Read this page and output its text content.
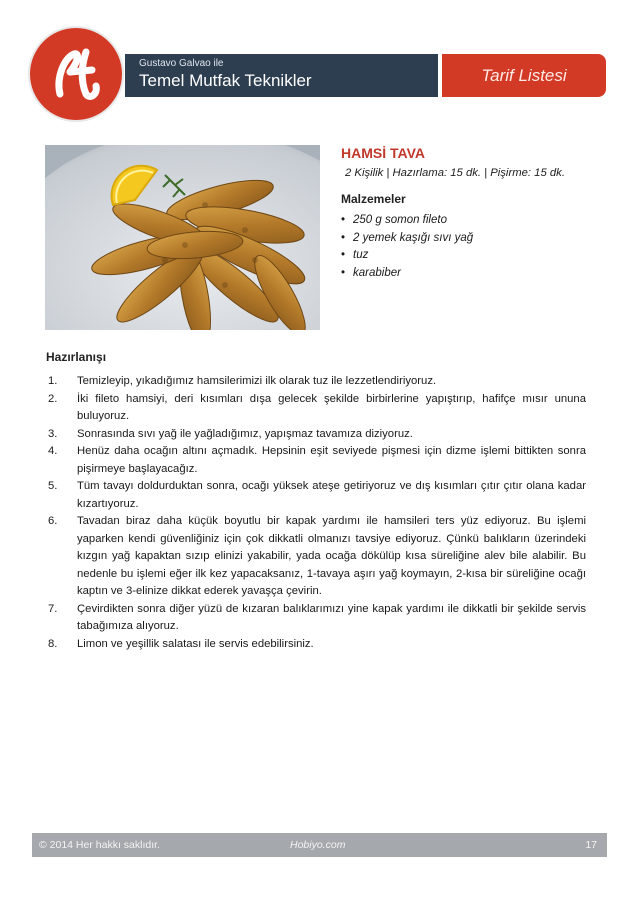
Gustavo Galvao ile
Temel Mutfak Teknikler	Tarif Listesi
HAMSİ TAVA
2 Kişilik | Hazırlama: 15 dk. | Pişirme: 15 dk.
Malzemeler
• 250 g somon fileto
• 2 yemek kaşığı sıvı yağ
• tuz
• karabiber
Hazırlanışı
1. Temizleyip, yıkadığımız hamsilerimizi ilk olarak tuz ile lezzetlendiriyoruz.
2. İki fileto hamsiyi, deri kısımları dışa gelecek şekilde birbirlerine yapıştırıp, hafifçe mısır ununa buluyoruz.
3. Sonrasında sıvı yağ ile yağladığımız, yapışmaz tavamıza diziyoruz.
4. Henüz daha ocağın altını açmadık. Hepsinin eşit seviyede pişmesi için dizme işlemi bittikten sonra pişirmeye başlayacağız.
5. Tüm tavayı doldurduktan sonra, ocağı yüksek ateşe getiriyoruz ve dış kısımları çıtır çıtır olana kadar kızartıyoruz.
6. Tavadan biraz daha küçük boyutlu bir kapak yardımı ile hamsileri ters yüz ediyoruz. Bu işlemi yaparken kendi güvenliğiniz için çok dikkatli olmanızı tavsiye ediyoruz. Çünkü balıkların üzerindeki kızgın yağ kapaktan sızıp elinizi yakabilir, yada ocağa dökülüp kısa süreliğine alev bile alabilir. Bu nedenle bu işlemi eğer ilk kez yapacaksanız, 1-tavaya aşırı yağ koymayın, 2-kısa bir süreliğine ocağı kaptın ve 3-elinize dikkat ederek yavaşça çevirin.
7. Çevirdikten sonra diğer yüzü de kızaran balıklarımızı yine kapak yardımı ile dikkatli bir şekilde servis tabağımıza alıyoruz.
8. Limon ve yeşillik salatası ile servis edebilirsiniz.
© 2014 Her hakkı saklıdır.	Hobiyo.com	17
